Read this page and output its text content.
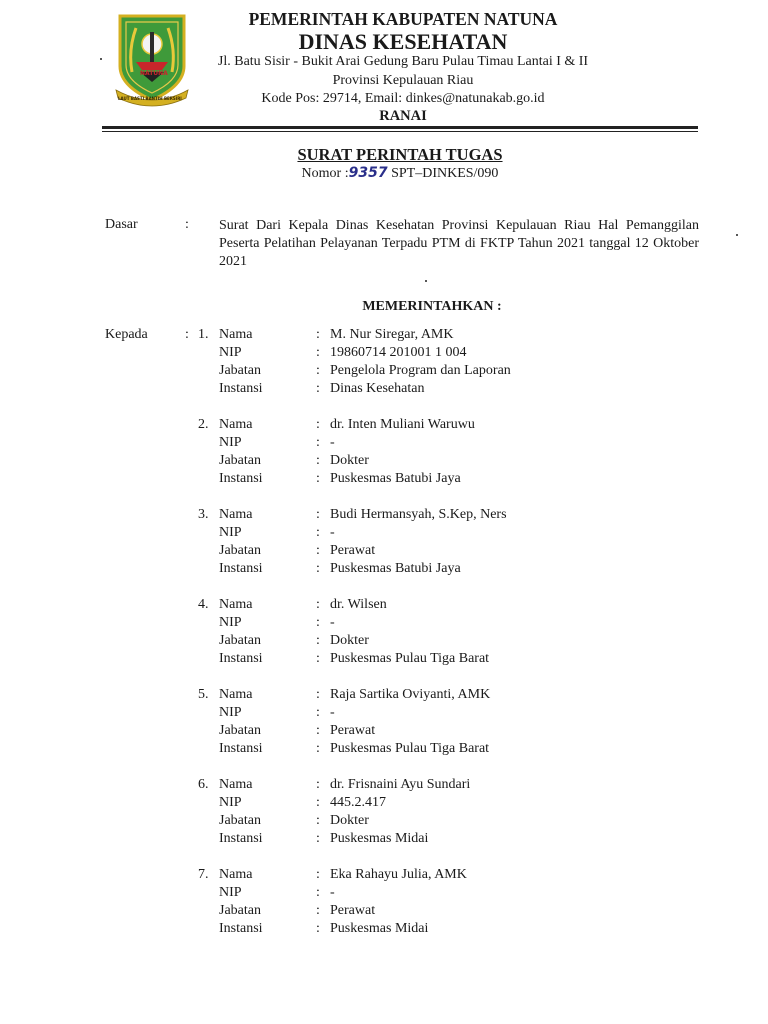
NATUNA
LAUT BASTI BANTIH BERSIRI
PEMERINTAH KABUPATEN NATUNA
DINAS KESEHATAN
Jl. Batu Sisir - Bukit Arai Gedung Baru Pulau Timau Lantai I & II
Provinsi Kepulauan Riau
Kode Pos: 29714, Email: dinkes@natunakab.go.id
RANAI
SURAT PERINTAH TUGAS
Nomor :9357 SPT–DINKES/090
Dasar	: Surat Dari Kepala Dinas Kesehatan Provinsi Kepulauan Riau Hal Pemanggilan Peserta Pelatihan Pelayanan Terpadu PTM di FKTP Tahun 2021 tanggal 12 Oktober 2021
MEMERINTAHKAN :
Kepada	: 1. Nama	: M. Nur Siregar, AMK
NIP	: 19860714 201001 1 004
Jabatan	: Pengelola Program dan Laporan
Instansi	: Dinas Kesehatan
2. Nama	: dr. Inten Muliani Waruwu
NIP	: -
Jabatan	: Dokter
Instansi	: Puskesmas Batubi Jaya
3. Nama	: Budi Hermansyah, S.Kep, Ners
NIP	: -
Jabatan	: Perawat
Instansi	: Puskesmas Batubi Jaya
4. Nama	: dr. Wilsen
NIP	: -
Jabatan	: Dokter
Instansi	: Puskesmas Pulau Tiga Barat
5. Nama	: Raja Sartika Oviyanti, AMK
NIP	: -
Jabatan	: Perawat
Instansi	: Puskesmas Pulau Tiga Barat
6. Nama	: dr. Frisnaini Ayu Sundari
NIP	: 445.2.417
Jabatan	: Dokter
Instansi	: Puskesmas Midai
7. Nama	: Eka Rahayu Julia, AMK
NIP	: -
Jabatan	: Perawat
Instansi	: Puskesmas Midai
